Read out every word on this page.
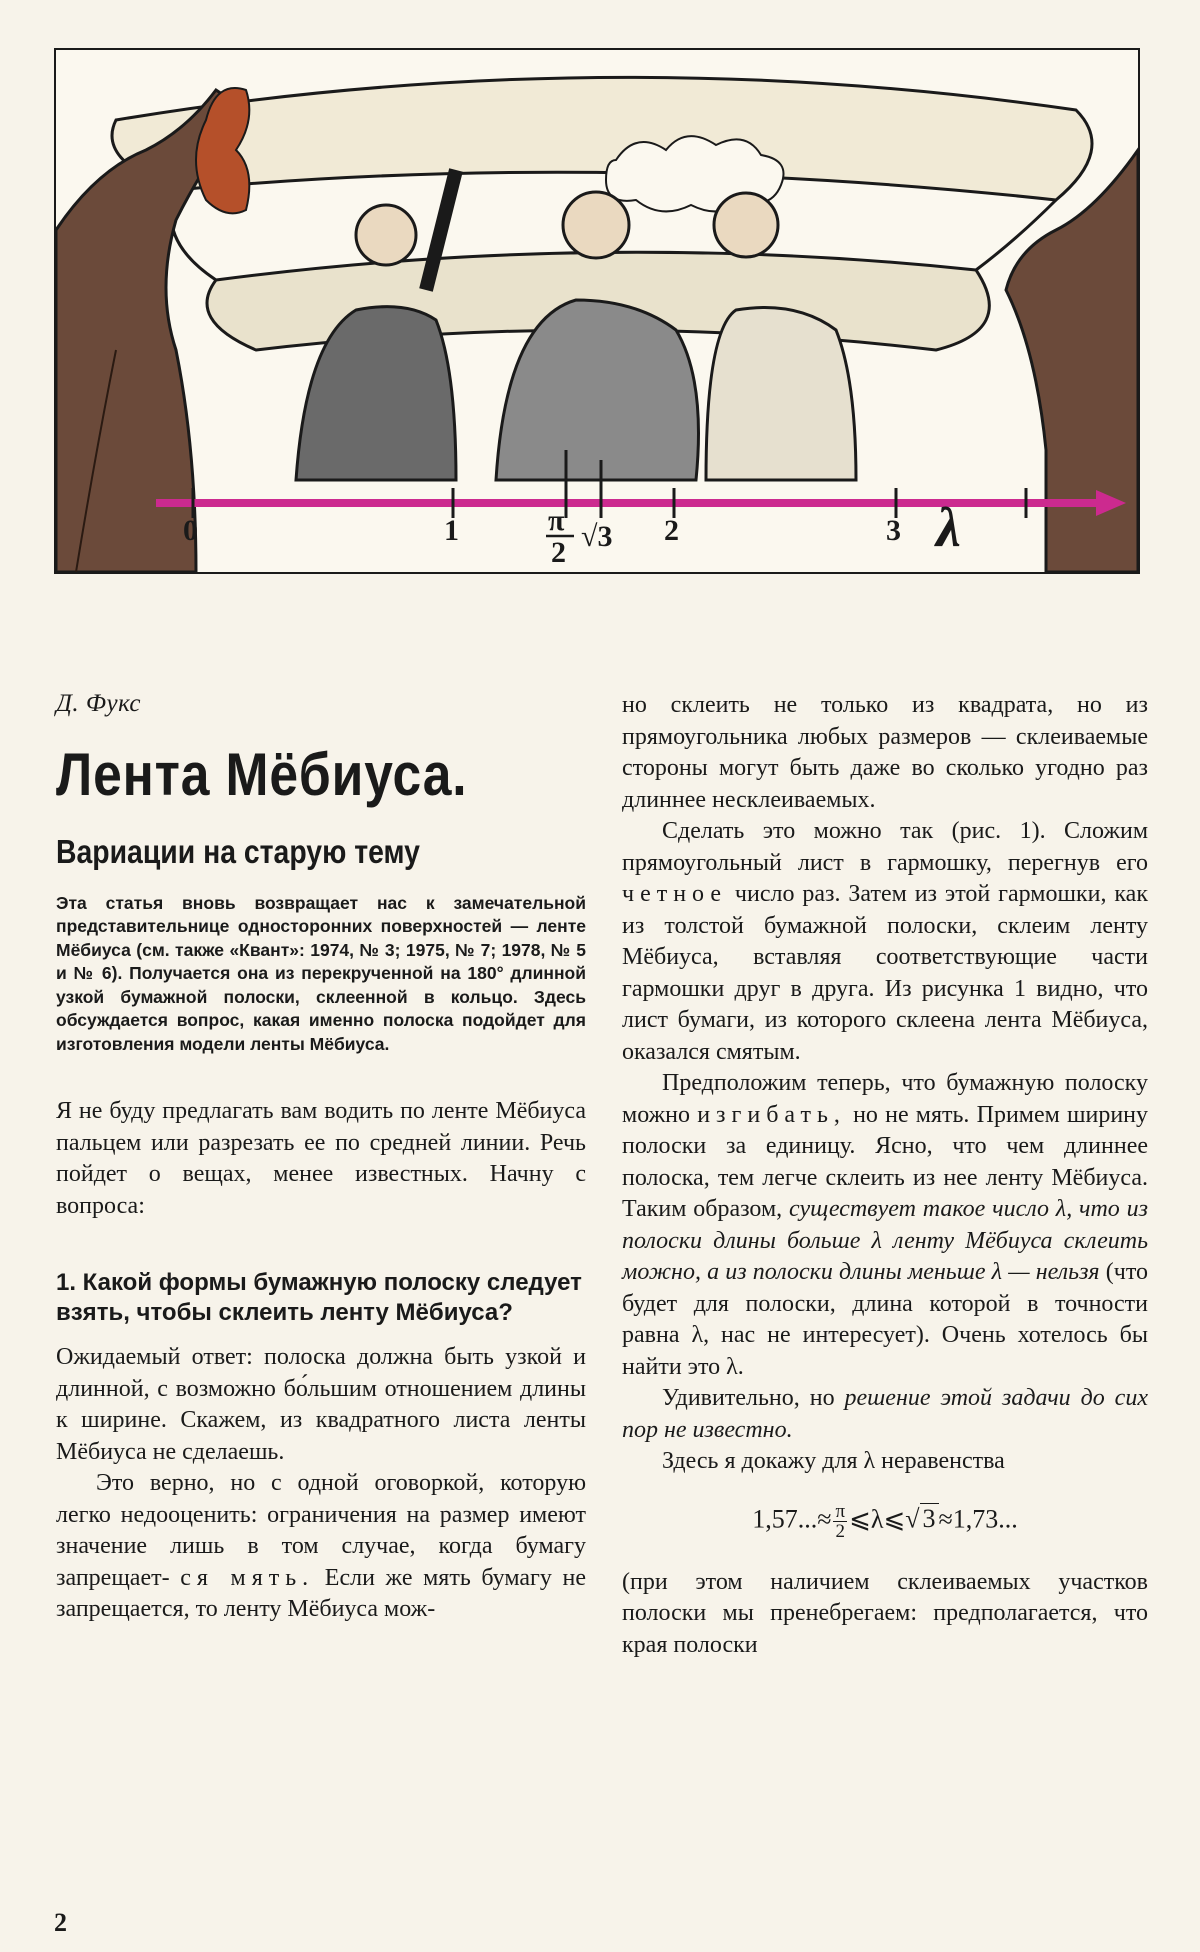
0	1	π
2 √3 2	3 λ

Д. Фукс

Лента Мёбиуса.
Вариации на старую тему

Эта статья вновь возвращает нас к замечательной представительнице односторонних поверхностей — ленте Мёбиуса (см. также «Квант»: 1974, № 3; 1975, № 7; 1978, № 5 и № 6). Получается она из перекрученной на 180° длинной узкой бумажной полоски, склеенной в кольцо. Здесь обсуждается вопрос, какая именно полоска подойдет для изготовления модели ленты Мёбиуса.

Я не буду предлагать вам водить по ленте Мёбиуса пальцем или разрезать ее по средней линии. Речь пойдет о вещах, менее известных. Начну с вопроса:

1. Какой формы бумажную полоску следует взять, чтобы склеить ленту Мёбиуса?

Ожидаемый ответ: полоска должна быть узкой и длинной, с возможно бо́льшим отношением длины к ширине. Скажем, из квадратного листа ленты Мёбиуса не сделаешь.

Это верно, но с одной оговоркой, которую легко недооценить: ограничения на размер имеют значение лишь в том случае, когда бумагу запрещает- ся мять. Если же мять бумагу не запрещается, то ленту Мёбиуса мож-

но склеить не только из квадрата, но из прямоугольника любых размеров — склеиваемые стороны могут быть даже во сколько угодно раз длиннее несклеиваемых.

Сделать это можно так (рис. 1). Сложим прямоугольный лист в гармошку, перегнув его четное число раз. Затем из этой гармошки, как из толстой бумажной полоски, склеим ленту Мёбиуса, вставляя соответствующие части гармошки друг в друга. Из рисунка 1 видно, что лист бумаги, из которого склеена лента Мёбиуса, оказался смятым.

Предположим теперь, что бумажную полоску можно изгибать, но не мять. Примем ширину полоски за единицу. Ясно, что чем длиннее полоска, тем легче склеить из нее ленту Мёбиуса. Таким образом, существует такое число λ, что из полоски длины больше λ ленту Мёбиуса склеить можно, а из полоски длины меньше λ — нельзя (что будет для полоски, длина которой в точности равна λ, нас не интересует). Очень хотелось бы найти это λ.

Удивительно, но решение этой задачи до сих пор не известно.

Здесь я докажу для λ неравенства

$1,57...\approx \frac{\pi}{2}$ ⩽λ⩽√ 3 ≈1,73...

(при этом наличием склеиваемых участков полоски мы пренебрегаем: предполагается, что края полоски

2
